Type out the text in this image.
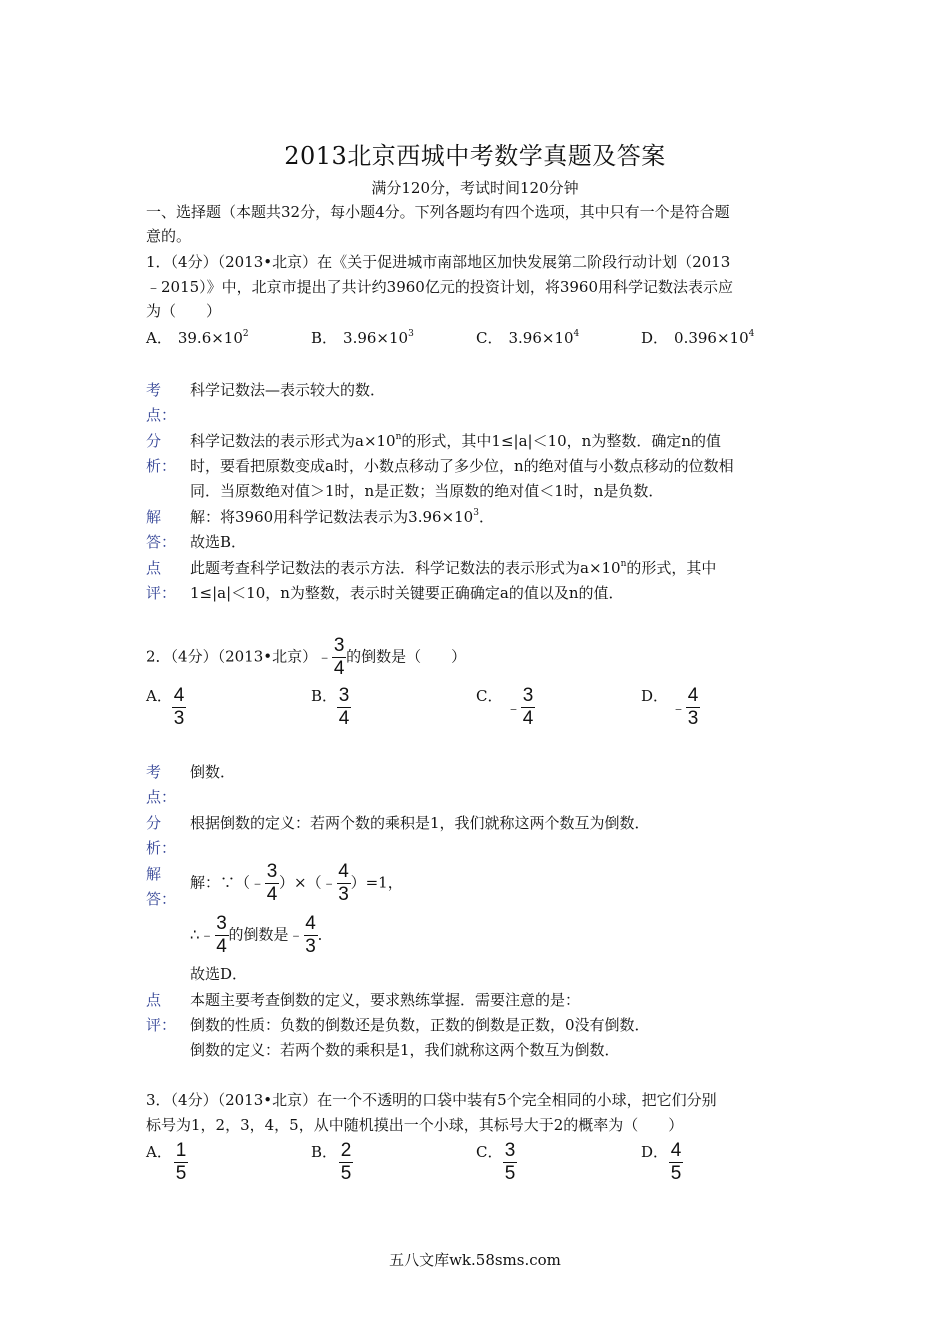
2013北京西城中考数学真题及答案
满分120分，考试时间120分钟
一、选择题（本题共32分，每小题4分。下列各题均有四个选项，其中只有一个是符合题
意的。
1．（4分）（2013•北京）在《关于促进城市南部地区加快发展第二阶段行动计划（2013
﹣2015）》中，北京市提出了共计约3960亿元的投资计划，将3960用科学记数法表示应
为（　　）
A． $39.6\times 10^2$	B． $3.96\times 10^3$	C． $3.96\times 10^4$	D． $0.396\times 10^4$
考
点：
科学记数法—表示较大的数．
分
析：
科学记数法的表示形式为$a\times 10^n$的形式，其中1≤|a|＜10，n为整数．确定n的值
时，要看把原数变成a时，小数点移动了多少位，n的绝对值与小数点移动的位数相
同．当原数绝对值＞1时，n是正数；当原数的绝对值＜1时，n是负数．
解
答：
解：将3960用科学记数法表示为$3.96\times 10^3$．
故选B．
点
评：
此题考查科学记数法的表示方法．科学记数法的表示形式为$a\times 10^n$的形式，其中
1≤|a|＜10，n为整数，表示时关键要正确确定a的值以及n的值．
2．（4分）（2013•北京）﹣ $\frac{3}{4}$ 的倒数是（　　）
A． $\frac{4}{3}$	B． $\frac{3}{4}$	C．
﹣ $\frac{3}{4}$	D．
﹣ $\frac{4}{3}$
考
点：
倒数．
分
析：
根据倒数的定义：若两个数的乘积是1，我们就称这两个数互为倒数．
解
答：
解：∵（﹣ $\frac{3}{4}$ ）×（﹣ $\frac{4}{3} )=1$，
∴﹣ $\frac{3}{4}$ 的倒数是﹣ $\frac{4}{3}$ ．
故选D．
点
评：
本题主要考查倒数的定义，要求熟练掌握．需要注意的是：
倒数的性质：负数的倒数还是负数，正数的倒数是正数，0没有倒数．
倒数的定义：若两个数的乘积是1，我们就称这两个数互为倒数．
3．（4分）（2013•北京）在一个不透明的口袋中装有5个完全相同的小球，把它们分别
标号为1，2，3，4，5，从中随机摸出一个小球，其标号大于2的概率为（　　）
A． $\frac{1}{5}$	B． $\frac{2}{5}$	C． $\frac{3}{5}$	D． $\frac{4}{5}$
五八文库wk.58sms.com
